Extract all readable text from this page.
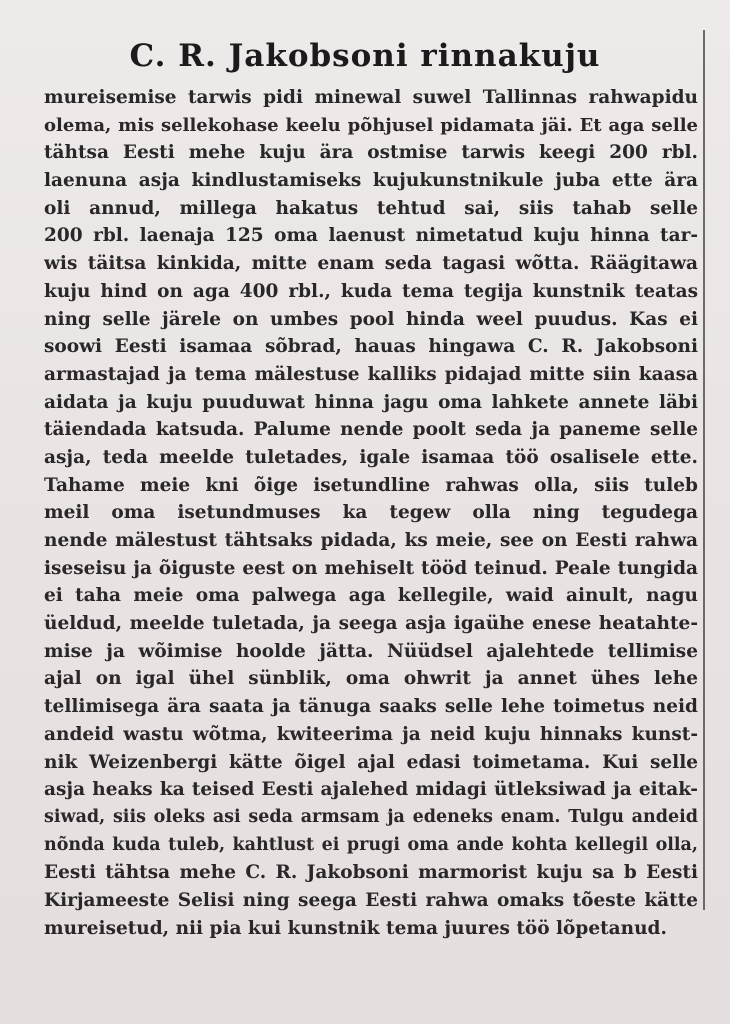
C. R. Jakobsoni rinnakuju
mureisemise tarwis pidi minewal suwel Tallinnas rahwapidu
olema, mis sellekohase keelu põhjusel pidamata jäi. Et aga selle
tähtsa Eesti mehe kuju ära ostmise tarwis keegi 200 rbl.
laenuna asja kindlustamiseks kujukunstnikule juba ette ära
oli annud, millega hakatus tehtud sai, siis tahab selle
200 rbl. laenaja 125 oma laenust nimetatud kuju hinna tar-
wis täitsa kinkida, mitte enam seda tagasi wõtta. Räägitawa
kuju hind on aga 400 rbl., kuda tema tegija kunstnik teatas
ning selle järele on umbes pool hinda weel puudus. Kas ei
soowi Eesti isamaa sõbrad, hauas hingawa C. R. Jakobsoni
armastajad ja tema mälestuse kalliks pidajad mitte siin kaasa
aidata ja kuju puuduwat hinna jagu oma lahkete annete läbi
täiendada katsuda. Palume nende poolt seda ja paneme selle
asja, teda meelde tuletades, igale isamaa töö osalisele ette.
Tahame meie kni õige isetundline rahwas olla, siis tuleb
meil oma isetundmuses ka tegew olla ning tegudega
nende mälestust tähtsaks pidada, ks meie, see on Eesti rahwa
iseseisu ja õiguste eest on mehiselt tööd teinud. Peale tungida
ei taha meie oma palwega aga kellegile, waid ainult, nagu
üeldud, meelde tuletada, ja seega asja igaühe enese heatahte-
mise ja wõimise hoolde jätta. Nüüdsel ajalehtede tellimise
ajal on igal ühel sünblik, oma ohwrit ja annet ühes lehe
tellimisega ära saata ja tänuga saaks selle lehe toimetus neid
andeid wastu wõtma, kwiteerima ja neid kuju hinnaks kunst-
nik Weizenbergi kätte õigel ajal edasi toimetama. Kui selle
asja heaks ka teised Eesti ajalehed midagi ütleksiwad ja eitak-
siwad, siis oleks asi seda armsam ja edeneks enam. Tulgu andeid
nõnda kuda tuleb, kahtlust ei prugi oma ande kohta kellegil olla,
Eesti tähtsa mehe C. R. Jakobsoni marmorist kuju sa b Eesti
Kirjameeste Selisi ning seega Eesti rahwa omaks tõeste kätte
mureisetud, nii pia kui kunstnik tema juures töö lõpetanud.
